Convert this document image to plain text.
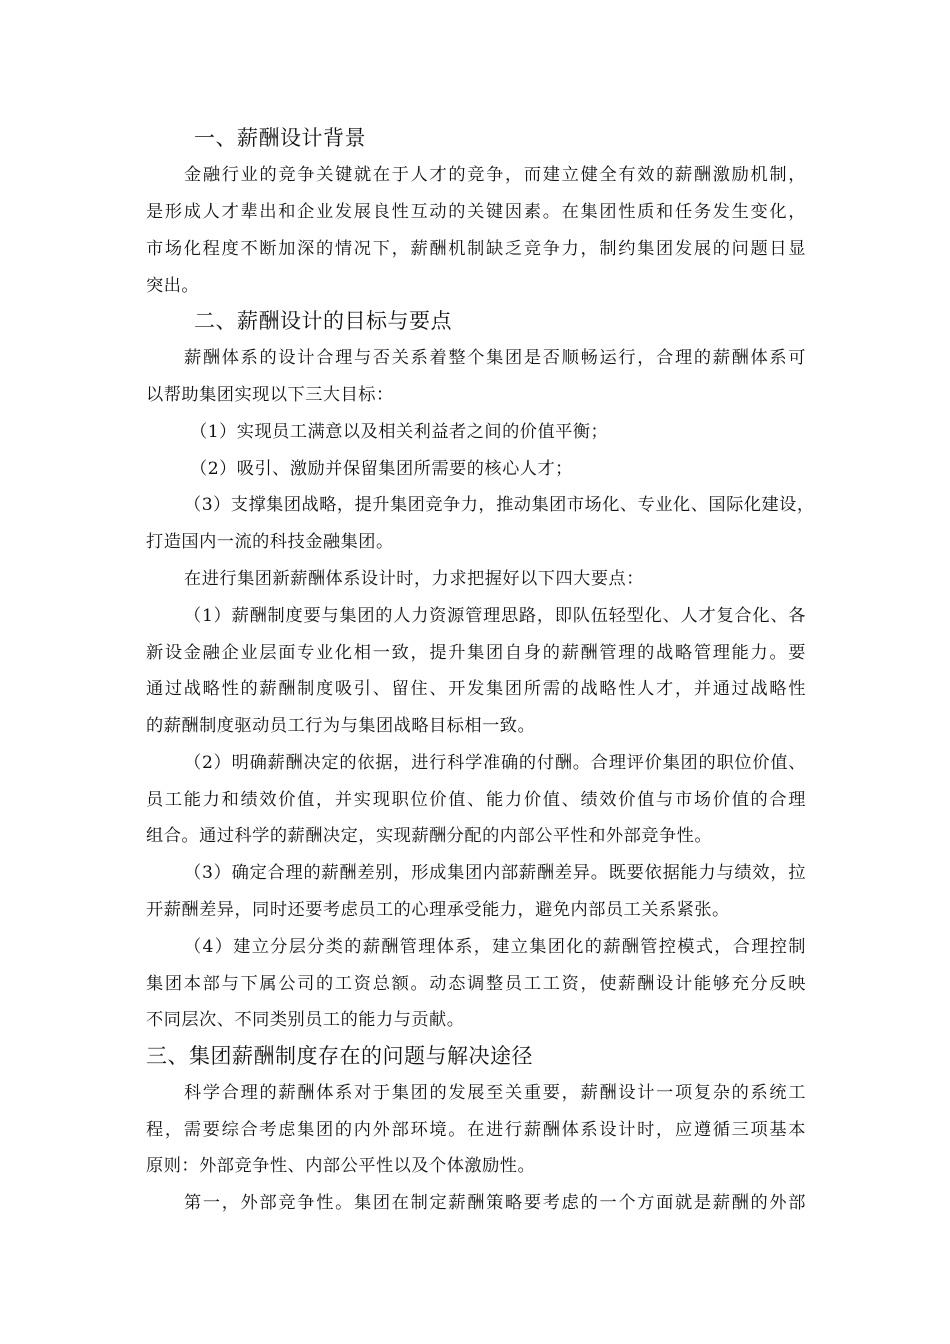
一、薪酬设计背景
金融行业的竞争关键就在于人才的竞争，而建立健全有效的薪酬激励机制，
是形成人才辈出和企业发展良性互动的关键因素。在集团性质和任务发生变化，
市场化程度不断加深的情况下，薪酬机制缺乏竞争力，制约集团发展的问题日显
突出。
二、薪酬设计的目标与要点
薪酬体系的设计合理与否关系着整个集团是否顺畅运行，合理的薪酬体系可
以帮助集团实现以下三大目标：
（1）实现员工满意以及相关利益者之间的价值平衡；
（2）吸引、激励并保留集团所需要的核心人才；
（3）支撑集团战略，提升集团竞争力，推动集团市场化、专业化、国际化建设，
打造国内一流的科技金融集团。
在进行集团新薪酬体系设计时，力求把握好以下四大要点：
（1）薪酬制度要与集团的人力资源管理思路，即队伍轻型化、人才复合化、各
新设金融企业层面专业化相一致，提升集团自身的薪酬管理的战略管理能力。要
通过战略性的薪酬制度吸引、留住、开发集团所需的战略性人才，并通过战略性
的薪酬制度驱动员工行为与集团战略目标相一致。
（2）明确薪酬决定的依据，进行科学准确的付酬。合理评价集团的职位价值、
员工能力和绩效价值，并实现职位价值、能力价值、绩效价值与市场价值的合理
组合。通过科学的薪酬决定，实现薪酬分配的内部公平性和外部竞争性。
（3）确定合理的薪酬差别，形成集团内部薪酬差异。既要依据能力与绩效，拉
开薪酬差异，同时还要考虑员工的心理承受能力，避免内部员工关系紧张。
（4）建立分层分类的薪酬管理体系，建立集团化的薪酬管控模式，合理控制
集团本部与下属公司的工资总额。动态调整员工工资，使薪酬设计能够充分反映
不同层次、不同类别员工的能力与贡献。
三、集团薪酬制度存在的问题与解决途径
科学合理的薪酬体系对于集团的发展至关重要，薪酬设计一项复杂的系统工
程，需要综合考虑集团的内外部环境。在进行薪酬体系设计时，应遵循三项基本
原则：外部竞争性、内部公平性以及个体激励性。
第一，外部竞争性。集团在制定薪酬策略要考虑的一个方面就是薪酬的外部
